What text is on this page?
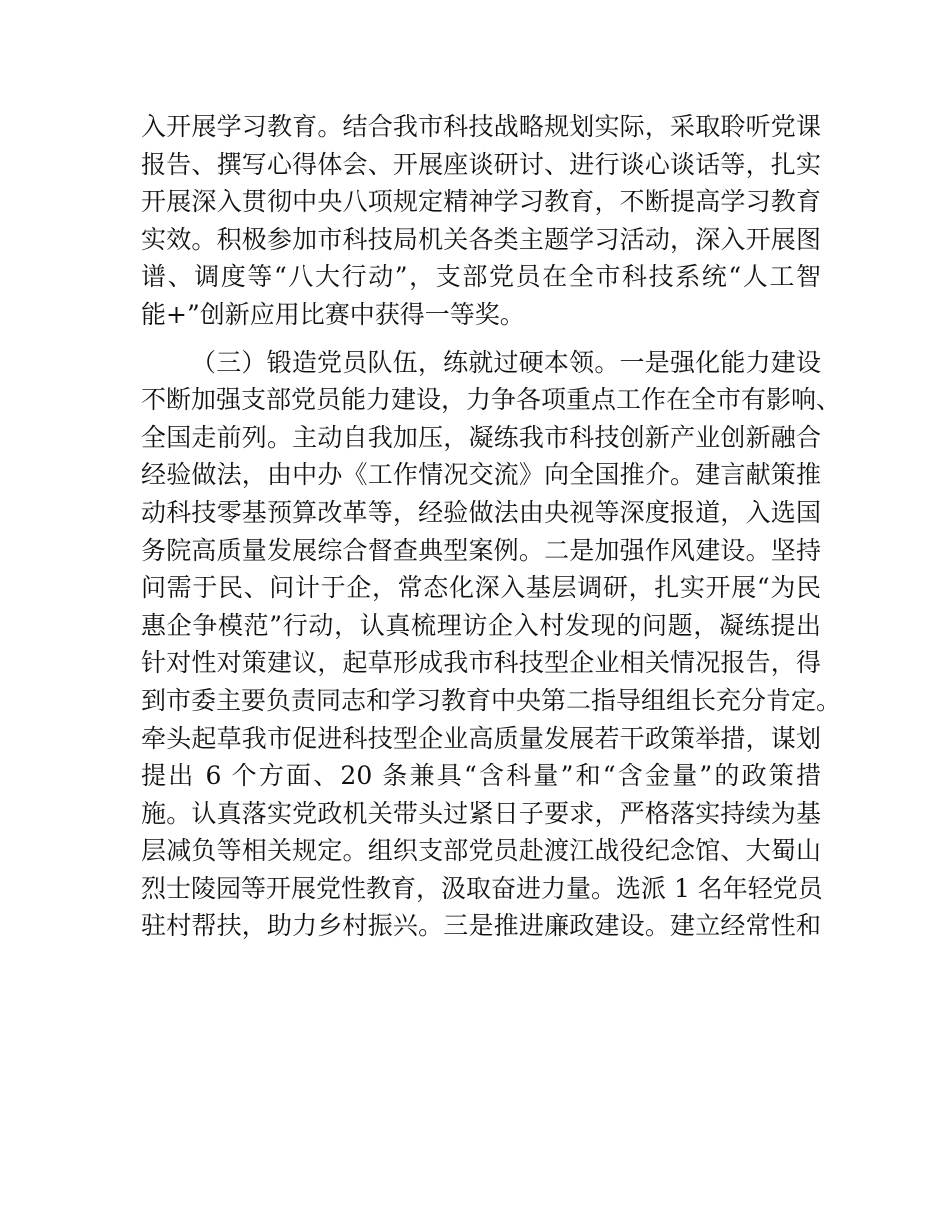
入开展学习教育。结合我市科技战略规划实际，采取聆听党课
报告、撰写心得体会、开展座谈研讨、进行谈心谈话等，扎实
开展深入贯彻中央八项规定精神学习教育，不断提高学习教育
实效。积极参加市科技局机关各类主题学习活动，深入开展图
谱、调度等“八大行动”，支部党员在全市科技系统“人工智
能+”创新应用比赛中获得一等奖。
（三）锻造党员队伍，练就过硬本领。一是强化能力建设
不断加强支部党员能力建设，力争各项重点工作在全市有影响、
全国走前列。主动自我加压，凝练我市科技创新产业创新融合
经验做法，由中办《工作情况交流》向全国推介。建言献策推
动科技零基预算改革等，经验做法由央视等深度报道，入选国
务院高质量发展综合督查典型案例。二是加强作风建设。坚持
问需于民、问计于企，常态化深入基层调研，扎实开展“为民
惠企争模范”行动，认真梳理访企入村发现的问题，凝练提出
针对性对策建议，起草形成我市科技型企业相关情况报告，得
到市委主要负责同志和学习教育中央第二指导组组长充分肯定。
牵头起草我市促进科技型企业高质量发展若干政策举措，谋划
提出 6 个方面、20 条兼具“含科量”和“含金量”的政策措
施。认真落实党政机关带头过紧日子要求，严格落实持续为基
层减负等相关规定。组织支部党员赴渡江战役纪念馆、大蜀山
烈士陵园等开展党性教育，汲取奋进力量。选派 1 名年轻党员
驻村帮扶，助力乡村振兴。三是推进廉政建设。建立经常性和
